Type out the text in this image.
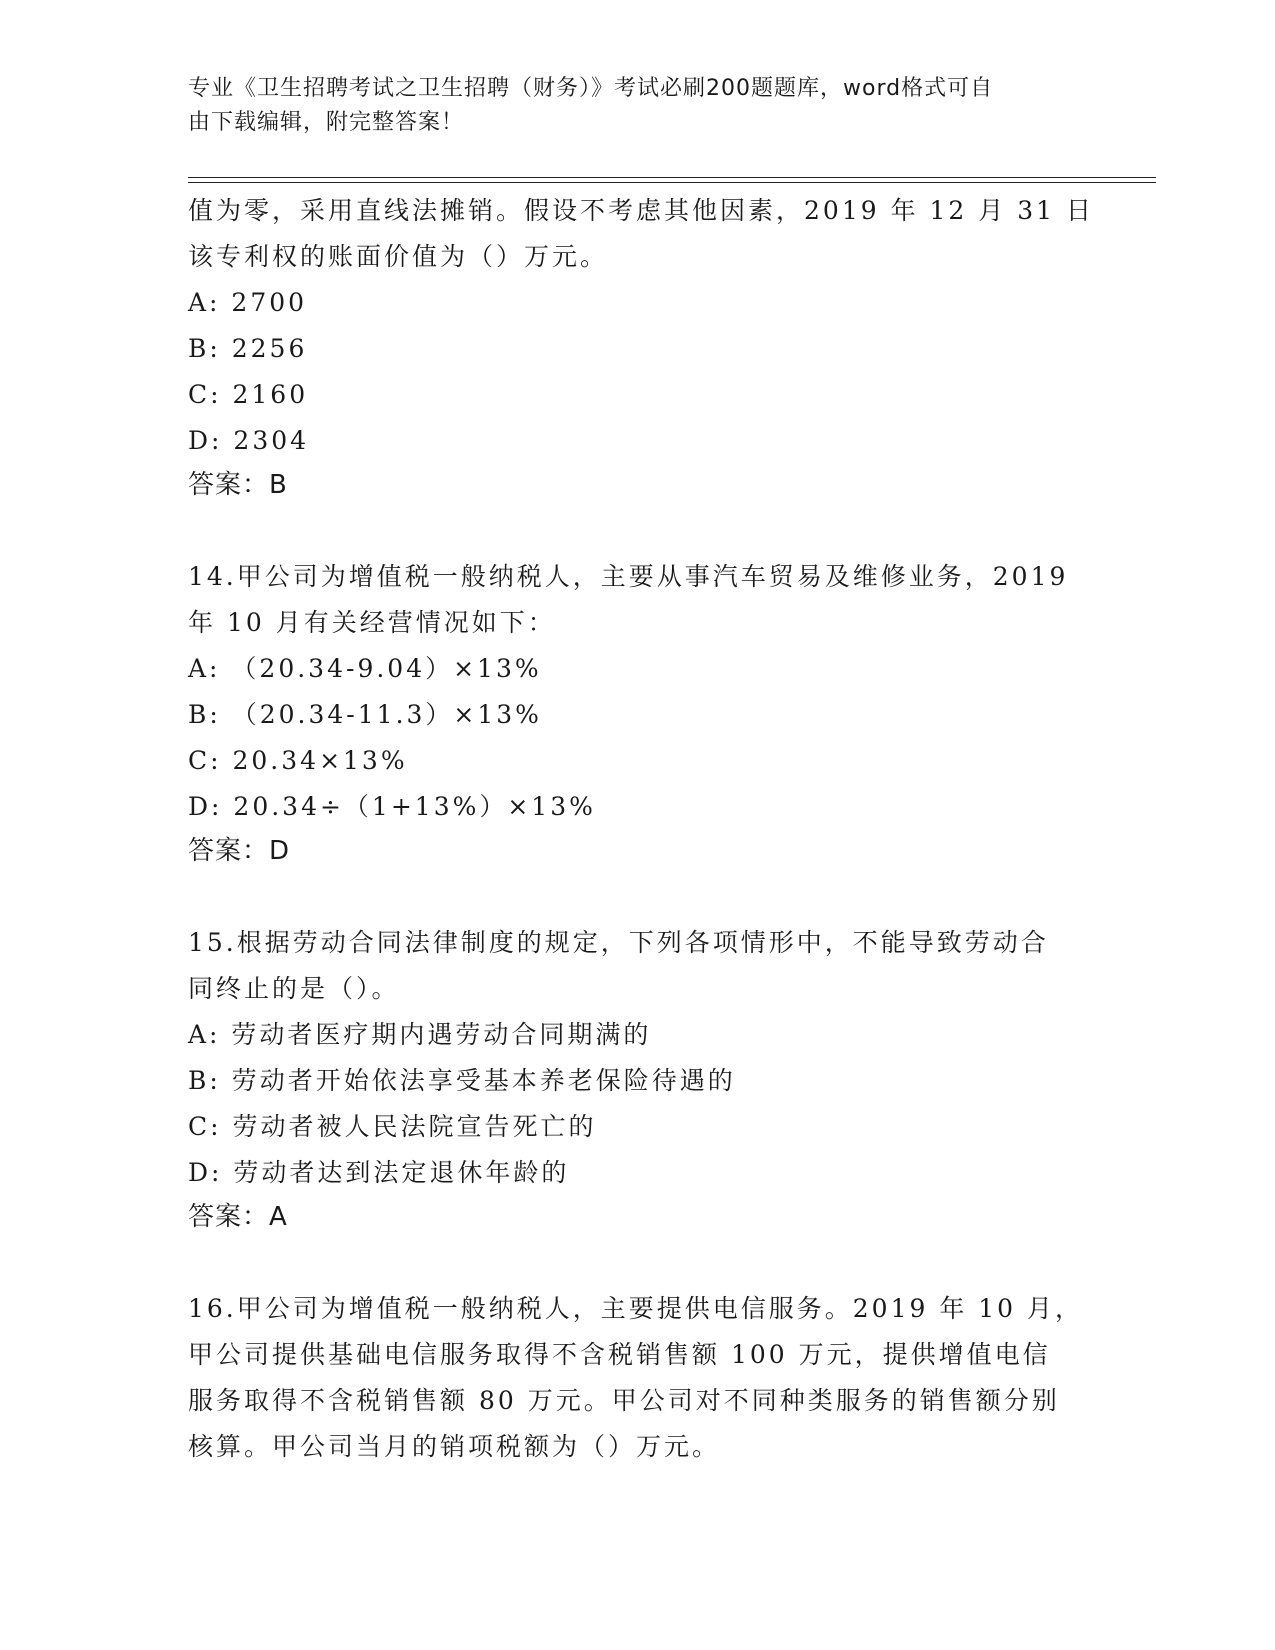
专业《卫生招聘考试之卫生招聘（财务）》考试必刷200题题库，word格式可自
由下载编辑，附完整答案！
值为零，采用直线法摊销。假设不考虑其他因素，2019 年 12 月 31 日
该专利权的账面价值为（）万元。
A: 2700
B: 2256
C: 2160
D: 2304
答案：B
14.甲公司为增值税一般纳税人，主要从事汽车贸易及维修业务，2019
年 10 月有关经营情况如下：
A: （20.34-9.04）×13%
B: （20.34-11.3）×13%
C: 20.34×13%
D: 20.34÷（1+13%）×13%
答案：D
15.根据劳动合同法律制度的规定，下列各项情形中，不能导致劳动合
同终止的是（）。
A: 劳动者医疗期内遇劳动合同期满的
B: 劳动者开始依法享受基本养老保险待遇的
C: 劳动者被人民法院宣告死亡的
D: 劳动者达到法定退休年龄的
答案：A
16.甲公司为增值税一般纳税人，主要提供电信服务。2019 年 10 月，
甲公司提供基础电信服务取得不含税销售额 100 万元，提供增值电信
服务取得不含税销售额 80 万元。甲公司对不同种类服务的销售额分别
核算。甲公司当月的销项税额为（）万元。
